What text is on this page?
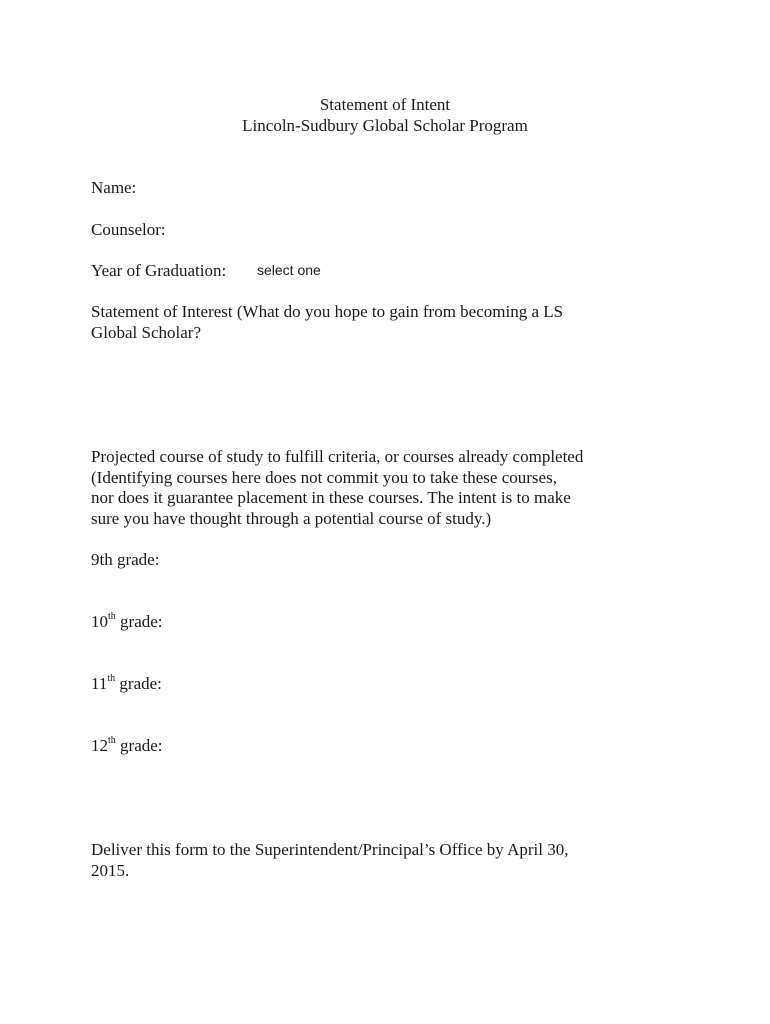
Statement of Intent
Lincoln-Sudbury Global Scholar Program
Name:
Counselor:
Year of Graduation: select one
Statement of Interest (What do you hope to gain from becoming a LS
Global Scholar?
Projected course of study to fulfill criteria, or courses already completed
(Identifying courses here does not commit you to take these courses,
nor does it guarantee placement in these courses. The intent is to make
sure you have thought through a potential course of study.)
9th grade:
10th grade:
11th grade:
12th grade:
Deliver this form to the Superintendent/Principal’s Office by April 30,
2015.
